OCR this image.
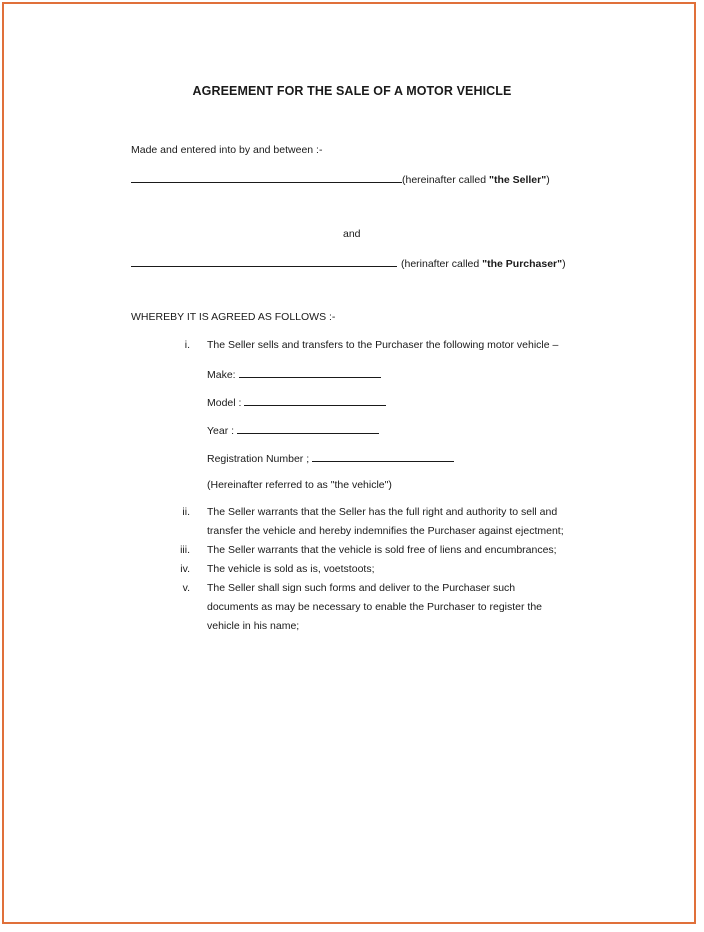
AGREEMENT FOR THE SALE OF A MOTOR VEHICLE
Made and entered into by and between :-
(hereinafter called "the Seller")
and
(herinafter called "the Purchaser")
WHEREBY IT IS AGREED AS FOLLOWS :-
i. The Seller sells and transfers to the Purchaser the following motor vehicle –
Make:
Model :
Year :
Registration Number ;
(Hereinafter referred to as "the vehicle")
ii. The Seller warrants that the Seller has the full right and authority to sell and
transfer the vehicle and hereby indemnifies the Purchaser against ejectment;
iii. The Seller warrants that the vehicle is sold free of liens and encumbrances;
iv. The vehicle is sold as is, voetstoots;
v. The Seller shall sign such forms and deliver to the Purchaser such
documents as may be necessary to enable the Purchaser to register the
vehicle in his name;
